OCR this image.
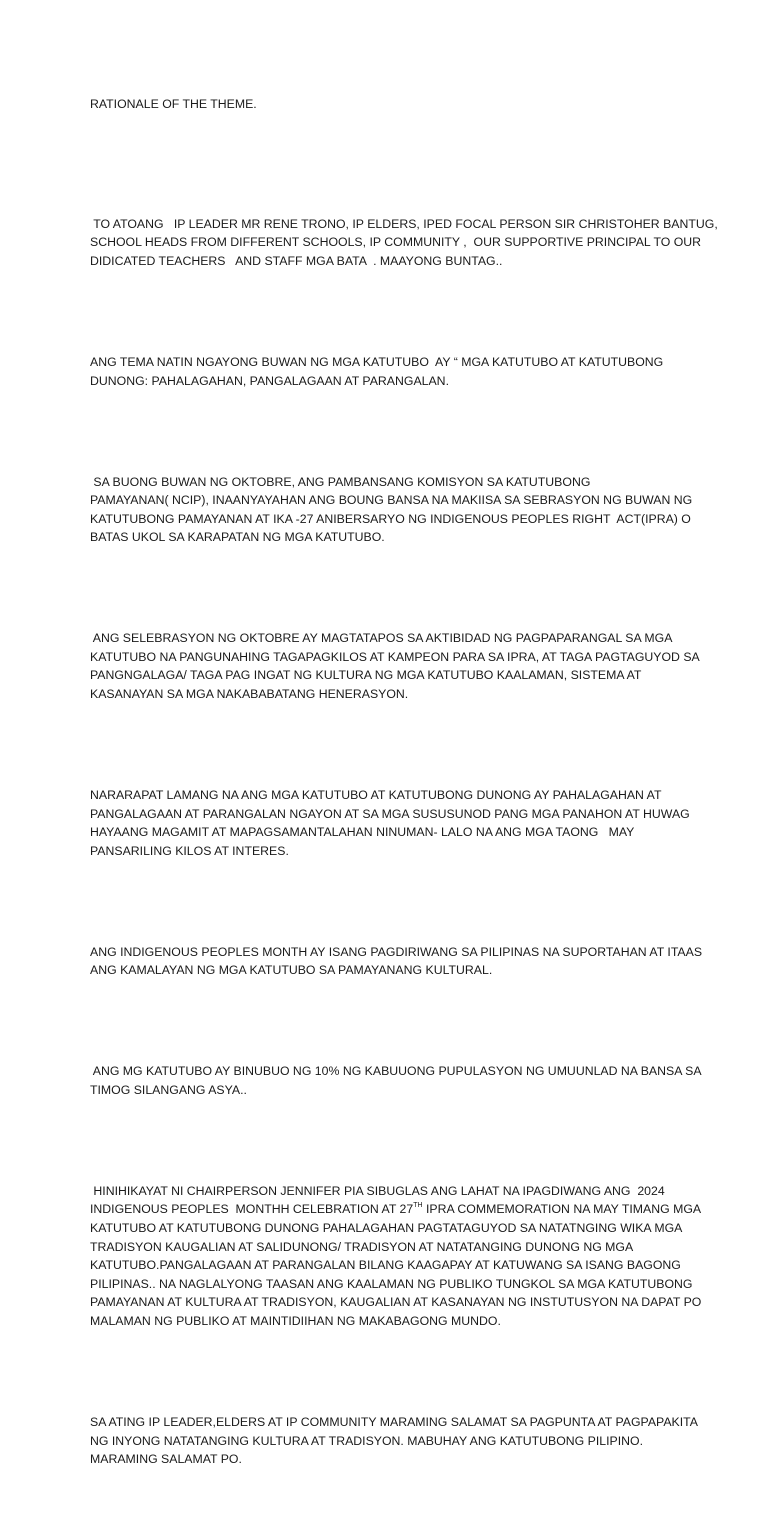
RATIONALE OF THE THEME.

TO ATOANG   IP LEADER MR RENE TRONO, IP ELDERS, IPED FOCAL PERSON SIR CHRISTOHER BANTUG,
SCHOOL HEADS FROM DIFFERENT SCHOOLS, IP COMMUNITY ,  OUR SUPPORTIVE PRINCIPAL TO OUR
DIDICATED TEACHERS   AND STAFF MGA BATA  . MAAYONG BUNTAG..

ANG TEMA NATIN NGAYONG BUWAN NG MGA KATUTUBO  AY “ MGA KATUTUBO AT KATUTUBONG
DUNONG: PAHALAGAHAN, PANGALAGAAN AT PARANGALAN.

SA BUONG BUWAN NG OKTOBRE, ANG PAMBANSANG KOMISYON SA KATUTUBONG
PAMAYANAN( NCIP), INAANYAYAHAN ANG BOUNG BANSA NA MAKIISA SA SEBRASYON NG BUWAN NG
KATUTUBONG PAMAYANAN AT IKA -27 ANIBERSARYO NG INDIGENOUS PEOPLES RIGHT  ACT(IPRA) O
BATAS UKOL SA KARAPATAN NG MGA KATUTUBO.

ANG SELEBRASYON NG OKTOBRE AY MAGTATAPOS SA AKTIBIDAD NG PAGPAPARANGAL SA MGA
KATUTUBO NA PANGUNAHING TAGAPAGKILOS AT KAMPEON PARA SA IPRA, AT TAGA PAGTAGUYOD SA
PANGNGALAGA/ TAGA PAG INGAT NG KULTURA NG MGA KATUTUBO KAALAMAN, SISTEMA AT
KASANAYAN SA MGA NAKABABATANG HENERASYON.

NARARAPAT LAMANG NA ANG MGA KATUTUBO AT KATUTUBONG DUNONG AY PAHALAGAHAN AT
PANGALAGAAN AT PARANGALAN NGAYON AT SA MGA SUSUSUNOD PANG MGA PANAHON AT HUWAG
HAYAANG MAGAMIT AT MAPAGSAMANTALAHAN NINUMAN- LALO NA ANG MGA TAONG   MAY
PANSARILING KILOS AT INTERES.

ANG INDIGENOUS PEOPLES MONTH AY ISANG PAGDIRIWANG SA PILIPINAS NA SUPORTAHAN AT ITAAS
ANG KAMALAYAN NG MGA KATUTUBO SA PAMAYANANG KULTURAL.

ANG MG KATUTUBO AY BINUBUO NG 10% NG KABUUONG PUPULASYON NG UMUUNLAD NA BANSA SA
TIMOG SILANGANG ASYA..

HINIHIKAYAT NI CHAIRPERSON JENNIFER PIA SIBUGLAS ANG LAHAT NA IPAGDIWANG ANG  2024
INDIGENOUS PEOPLES  MONTHH CELEBRATION AT 27TH IPRA COMMEMORATION NA MAY TIMANG MGA
KATUTUBO AT KATUTUBONG DUNONG PAHALAGAHAN PAGTATAGUYOD SA NATATNGING WIKA MGA
TRADISYON KAUGALIAN AT SALIDUNONG/ TRADISYON AT NATATANGING DUNONG NG MGA
KATUTUBO.PANGALAGAAN AT PARANGALAN BILANG KAAGAPAY AT KATUWANG SA ISANG BAGONG
PILIPINAS.. NA NAGLALYONG TAASAN ANG KAALAMAN NG PUBLIKO TUNGKOL SA MGA KATUTUBONG
PAMAYANAN AT KULTURA AT TRADISYON, KAUGALIAN AT KASANAYAN NG INSTUTUSYON NA DAPAT PO
MALAMAN NG PUBLIKO AT MAINTIDIIHAN NG MAKABAGONG MUNDO.

SA ATING IP LEADER,ELDERS AT IP COMMUNITY MARAMING SALAMAT SA PAGPUNTA AT PAGPAPAKITA
NG INYONG NATATANGING KULTURA AT TRADISYON. MABUHAY ANG KATUTUBONG PILIPINO.
MARAMING SALAMAT PO.
